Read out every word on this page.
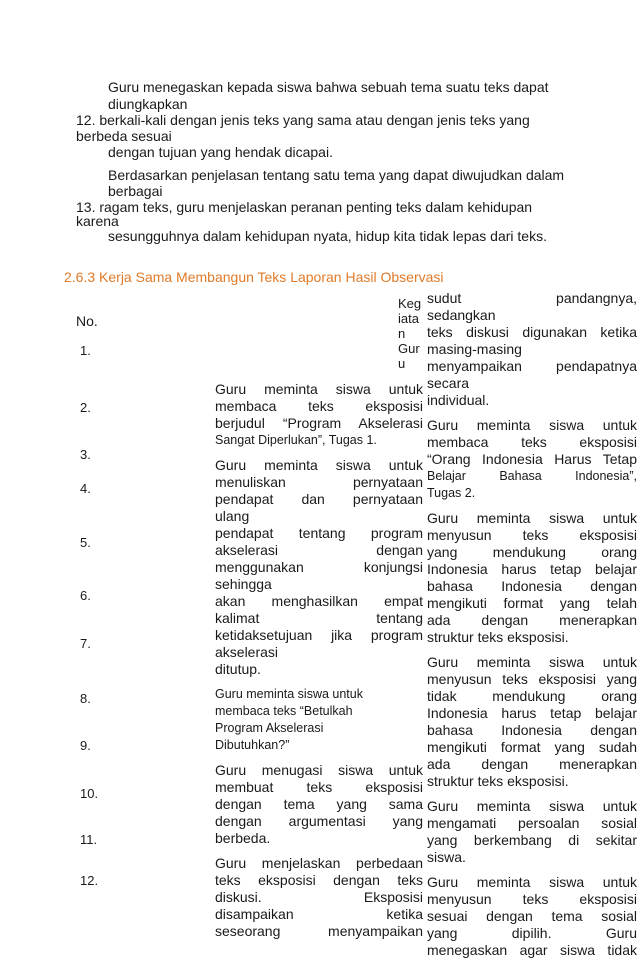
Guru menegaskan kepada siswa bahwa sebuah tema suatu teks dapat
diungkapkan
12. berkali-kali dengan jenis teks yang sama atau dengan jenis teks yang
berbeda sesuai
dengan tujuan yang hendak dicapai.
Berdasarkan penjelasan tentang satu tema yang dapat diwujudkan dalam
berbagai
13. ragam teks, guru menjelaskan peranan penting teks dalam kehidupan
karena
sesungguhnya dalam kehidupan nyata, hidup kita tidak lepas dari teks.
2.6.3 Kerja Sama Membangun Teks Laporan Hasil Observasi
No.
Keg
iata
n
Gur
u
1.
2.
3.
4.
5.
6.
7.
8.
9.
10.
11.
12.

Guru meminta siswa untuk

membaca teks eksposisi

berjudul “Program Akselerasi

Sangat Diperlukan”, Tugas 1.

Guru meminta siswa untuk

menuliskan pernyataan

pendapat dan pernyataan

ulang

pendapat tentang program

akselerasi dengan

menggunakan konjungsi

sehingga

akan menghasilkan empat

kalimat tentang

ketidaksetujuan jika program

akselerasi

ditutup.

Guru meminta siswa untuk

membaca teks “Betulkah

Program Akselerasi

Dibutuhkan?”

Guru menugasi siswa untuk

membuat teks eksposisi

dengan tema yang sama

dengan argumentasi yang

berbeda.

Guru menjelaskan perbedaan

teks eksposisi dengan teks

diskusi. Eksposisi

disampaikan ketika

seseorang menyampaikan

sudut pandangnya,

sedangkan

teks diskusi digunakan ketika

masing-masing

menyampaikan pendapatnya

secara

individual.

Guru meminta siswa untuk

membaca teks eksposisi

“Orang Indonesia Harus Tetap

Belajar Bahasa Indonesia”,

Tugas 2.

Guru meminta siswa untuk

menyusun teks eksposisi

yang mendukung orang

Indonesia harus tetap belajar

bahasa Indonesia dengan

mengikuti format yang telah

ada dengan menerapkan

struktur teks eksposisi.

Guru meminta siswa untuk

menyusun teks eksposisi yang

tidak mendukung orang

Indonesia harus tetap belajar

bahasa Indonesia dengan

mengikuti format yang sudah

ada dengan menerapkan

struktur teks eksposisi.

Guru meminta siswa untuk

mengamati persoalan sosial

yang berkembang di sekitar

siswa.

Guru meminta siswa untuk

menyusun teks eksposisi

sesuai dengan tema sosial

yang dipilih. Guru

menegaskan agar siswa tidak
